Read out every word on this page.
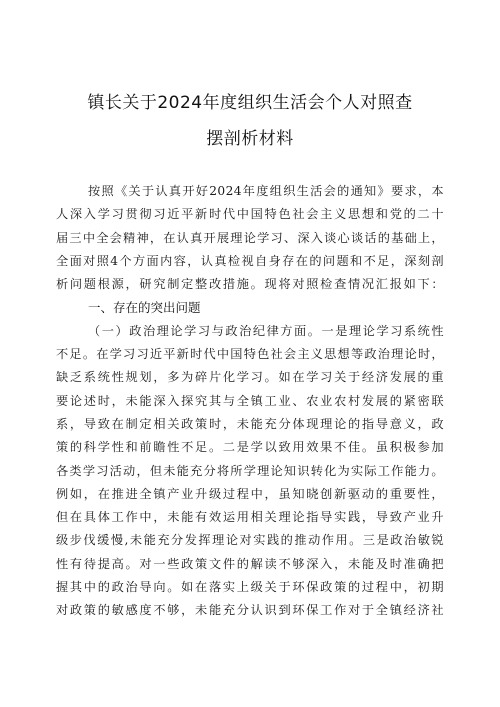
镇长关于2024年度组织生活会个人对照查
摆剖析材料
按照《关于认真开好2024年度组织生活会的通知》要求，本
人深入学习贯彻习近平新时代中国特色社会主义思想和党的二十
届三中全会精神，在认真开展理论学习、深入谈心谈话的基础上，
全面对照4个方面内容，认真检视自身存在的问题和不足，深刻剖
析问题根源，研究制定整改措施。现将对照检查情况汇报如下：
一、存在的突出问题
（一）政治理论学习与政治纪律方面。一是理论学习系统性
不足。在学习习近平新时代中国特色社会主义思想等政治理论时，
缺乏系统性规划，多为碎片化学习。如在学习关于经济发展的重
要论述时，未能深入探究其与全镇工业、农业农村发展的紧密联
系，导致在制定相关政策时，未能充分体现理论的指导意义，政
策的科学性和前瞻性不足。二是学以致用效果不佳。虽积极参加
各类学习活动，但未能充分将所学理论知识转化为实际工作能力。
例如，在推进全镇产业升级过程中，虽知晓创新驱动的重要性，
但在具体工作中，未能有效运用相关理论指导实践，导致产业升
级步伐缓慢,未能充分发挥理论对实践的推动作用。三是政治敏锐
性有待提高。对一些政策文件的解读不够深入，未能及时准确把
握其中的政治导向。如在落实上级关于环保政策的过程中，初期
对政策的敏感度不够，未能充分认识到环保工作对于全镇经济社
